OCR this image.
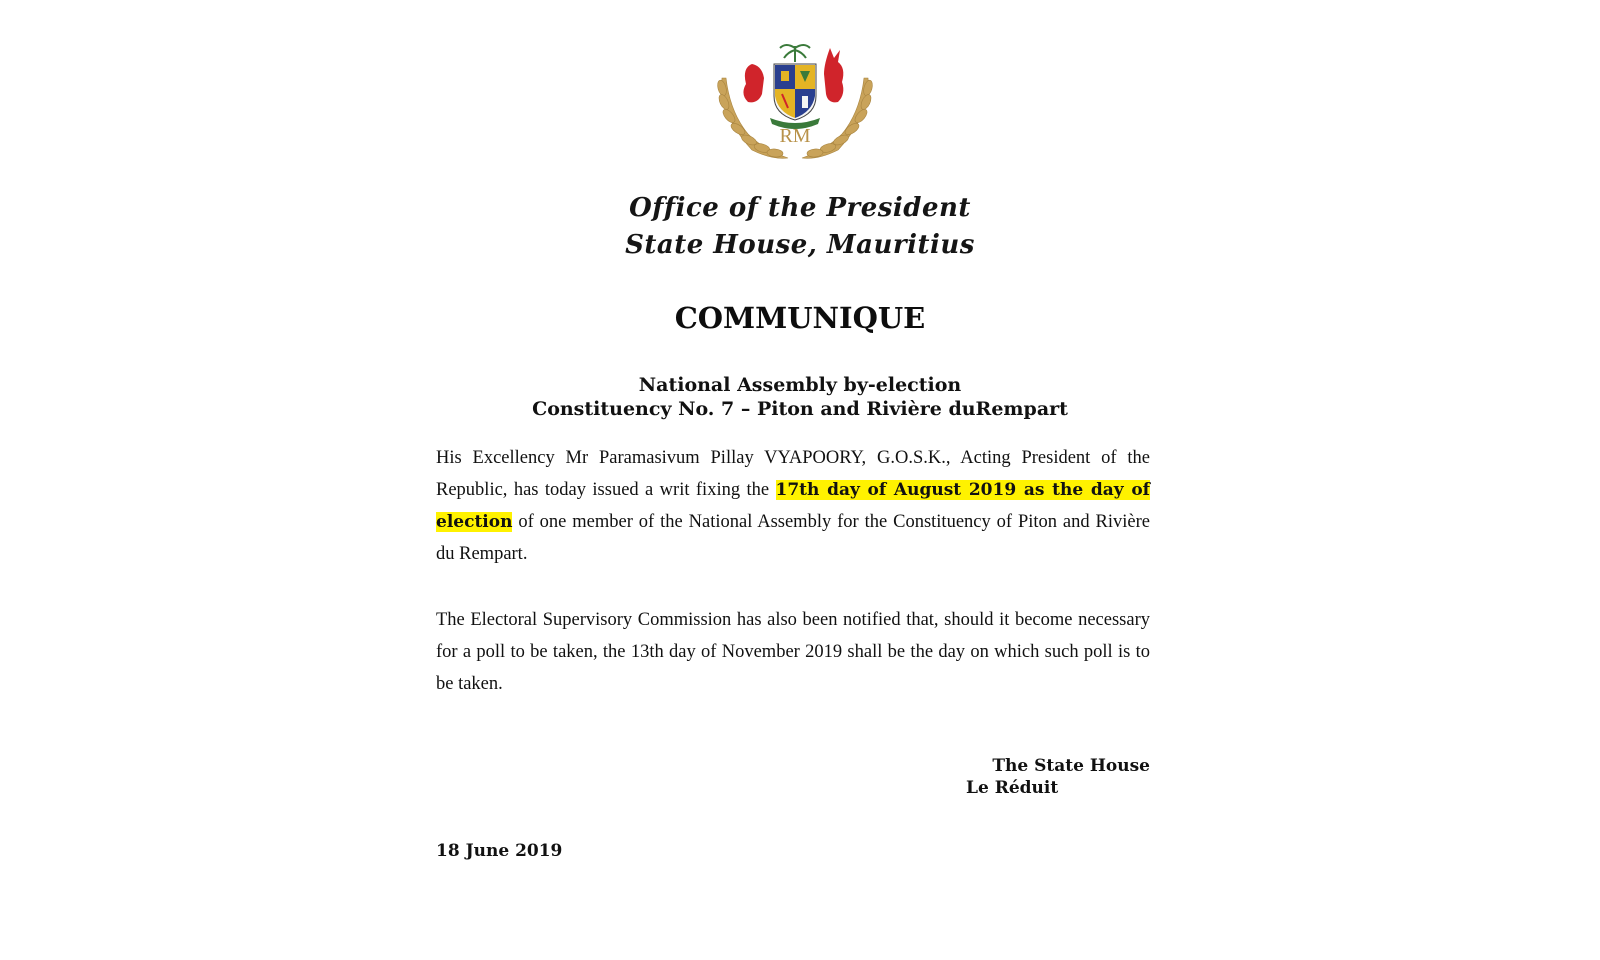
RM
Office of the President
State House, Mauritius
COMMUNIQUE
National Assembly by-election
Constituency No. 7 – Piton and Rivière duRempart
His Excellency Mr Paramasivum Pillay VYAPOORY, G.O.S.K., Acting President of the Republic, has today issued a writ fixing the 17th day of August 2019 as the day of election of one member of the National Assembly for the Constituency of Piton and Rivière du Rempart.
The Electoral Supervisory Commission has also been notified that, should it become necessary for a poll to be taken, the 13th day of November 2019 shall be the day on which such poll is to be taken.
The State House
Le Réduit
18 June 2019
